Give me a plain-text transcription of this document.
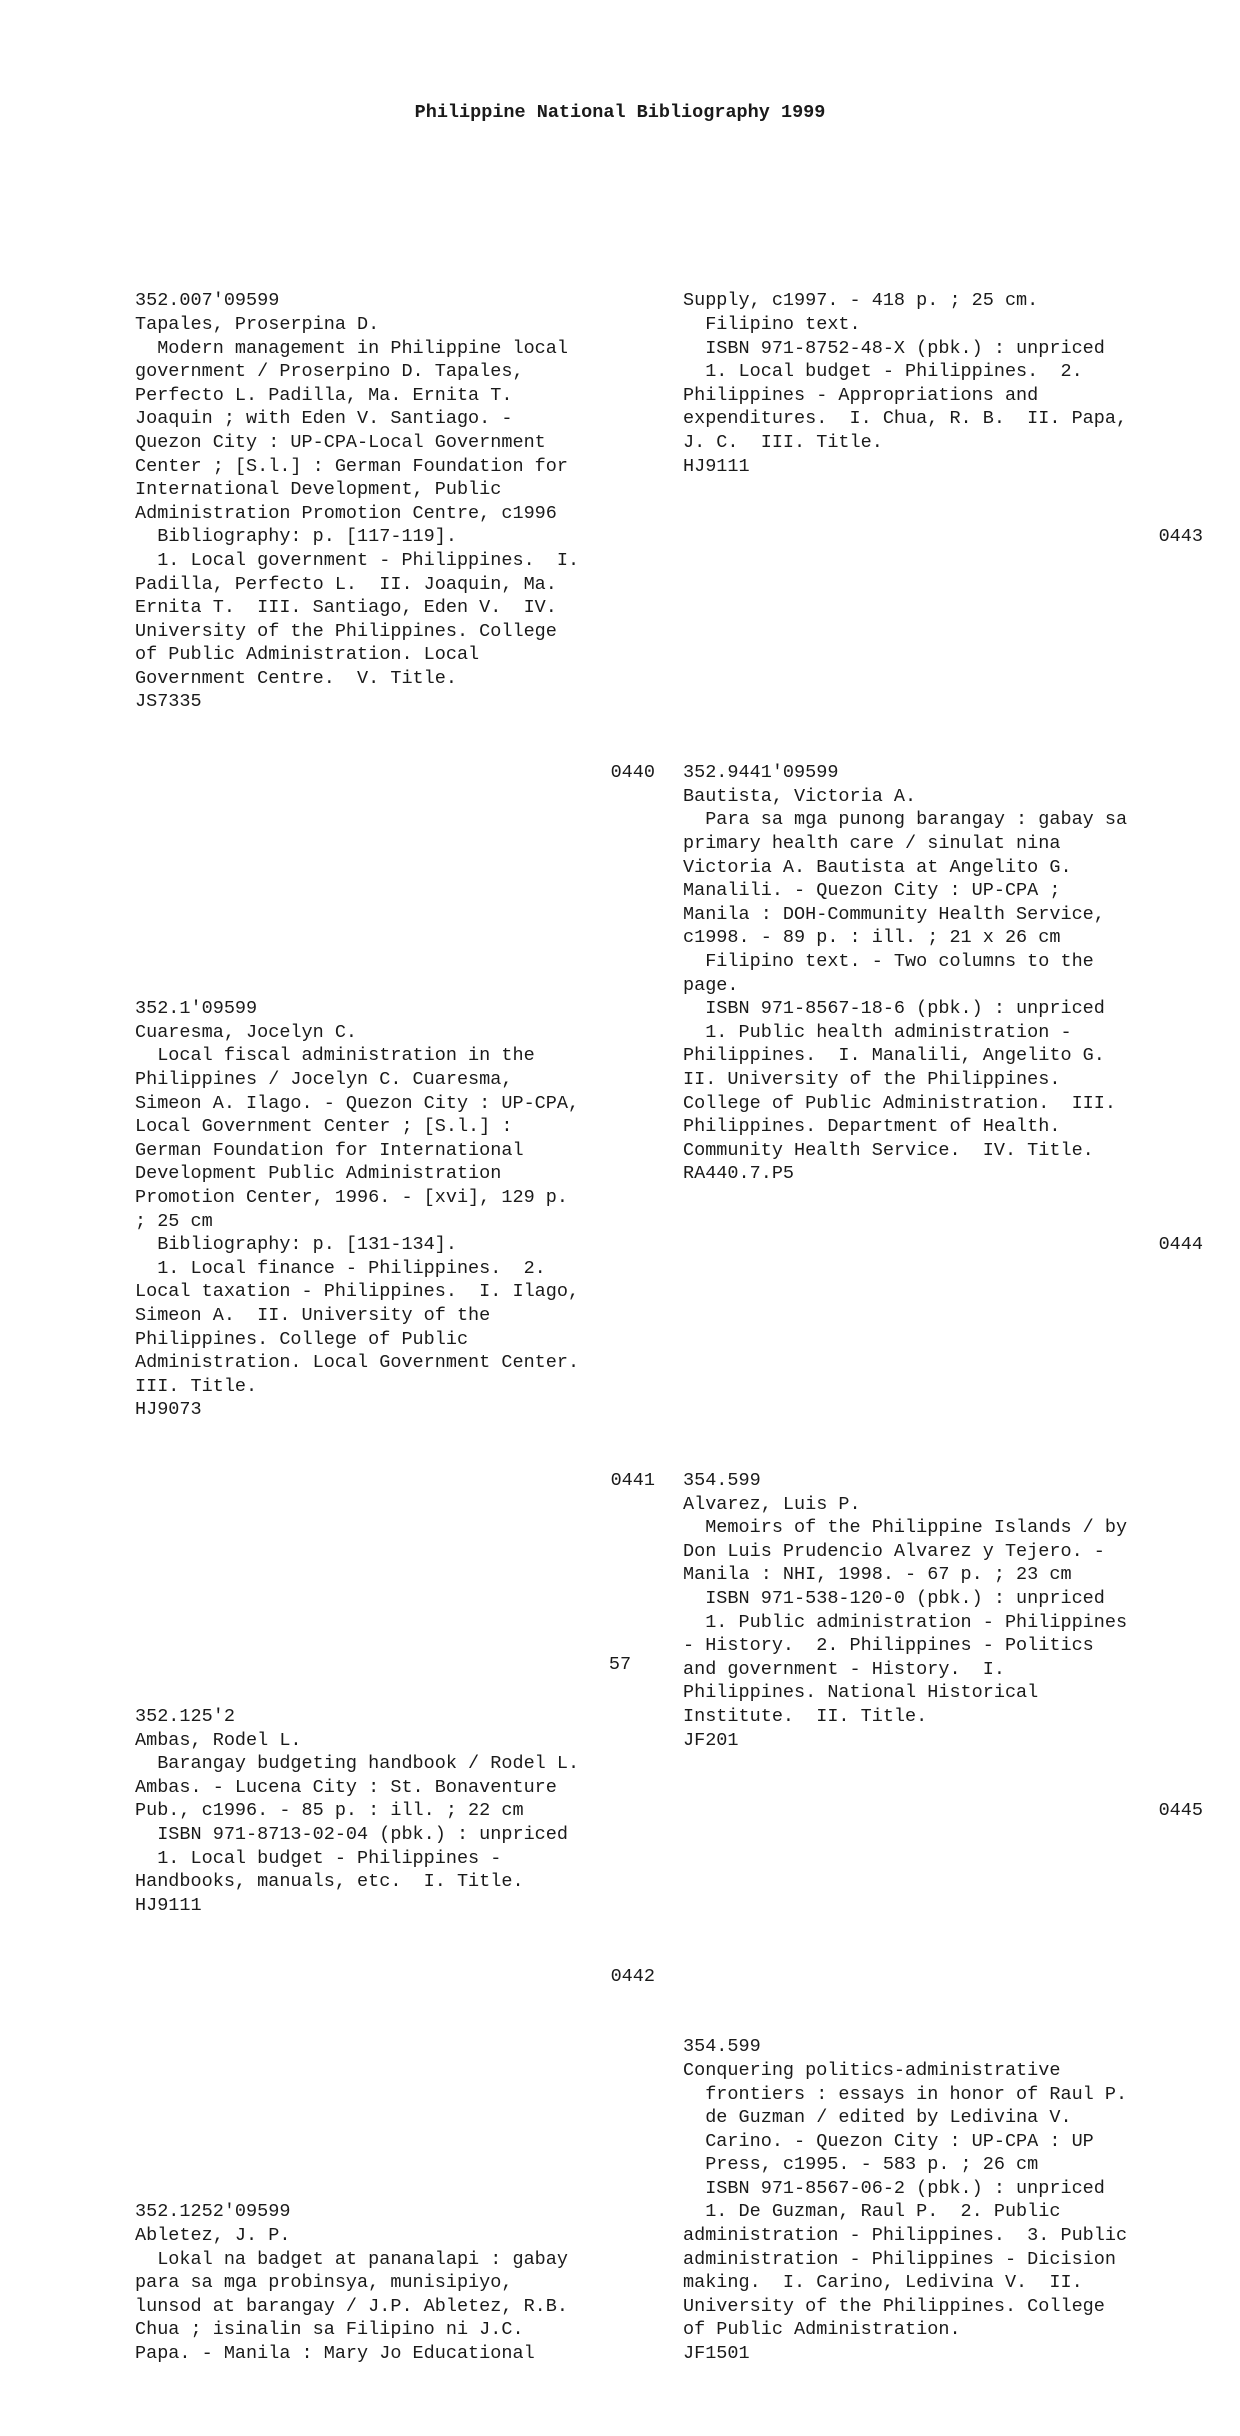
Philippine National Bibliography 1999

352.007'09599
Tapales, Proserpina D.
Modern management in Philippine local
government / Proserpino D. Tapales,
Perfecto L. Padilla, Ma. Ernita T.
Joaquin ; with Eden V. Santiago. -
Quezon City : UP-CPA-Local Government
Center ; [S.l.] : German Foundation for
International Development, Public
Administration Promotion Centre, c1996
Bibliography: p. [117-119].
1. Local government - Philippines.  I.
Padilla, Perfecto L.  II. Joaquin, Ma.
Ernita T.  III. Santiago, Eden V.  IV.
University of the Philippines. College
of Public Administration. Local
Government Centre.  V. Title.
JS7335

0440

352.1'09599
Cuaresma, Jocelyn C.
Local fiscal administration in the
Philippines / Jocelyn C. Cuaresma,
Simeon A. Ilago. - Quezon City : UP-CPA,
Local Government Center ; [S.l.] :
German Foundation for International
Development Public Administration
Promotion Center, 1996. - [xvi], 129 p.
; 25 cm
Bibliography: p. [131-134].
1. Local finance - Philippines.  2.
Local taxation - Philippines.  I. Ilago,
Simeon A.  II. University of the
Philippines. College of Public
Administration. Local Government Center.
III. Title.
HJ9073

0441

352.125'2
Ambas, Rodel L.
Barangay budgeting handbook / Rodel L.
Ambas. - Lucena City : St. Bonaventure
Pub., c1996. - 85 p. : ill. ; 22 cm
ISBN 971-8713-02-04 (pbk.) : unpriced
1. Local budget - Philippines -
Handbooks, manuals, etc.  I. Title.
HJ9111

0442

352.1252'09599
Abletez, J. P.
Lokal na badget at pananalapi : gabay
para sa mga probinsya, munisipiyo,
lunsod at barangay / J.P. Abletez, R.B.
Chua ; isinalin sa Filipino ni J.C.
Papa. - Manila : Mary Jo Educational

Supply, c1997. - 418 p. ; 25 cm.
Filipino text.
ISBN 971-8752-48-X (pbk.) : unpriced
1. Local budget - Philippines.  2.
Philippines - Appropriations and
expenditures.  I. Chua, R. B.  II. Papa,
J. C.  III. Title.
HJ9111

0443

352.9441'09599
Bautista, Victoria A.
Para sa mga punong barangay : gabay sa
primary health care / sinulat nina
Victoria A. Bautista at Angelito G.
Manalili. - Quezon City : UP-CPA ;
Manila : DOH-Community Health Service,
c1998. - 89 p. : ill. ; 21 x 26 cm
Filipino text. - Two columns to the
page.
ISBN 971-8567-18-6 (pbk.) : unpriced
1. Public health administration -
Philippines.  I. Manalili, Angelito G.
II. University of the Philippines.
College of Public Administration.  III.
Philippines. Department of Health.
Community Health Service.  IV. Title.
RA440.7.P5

0444

354.599
Alvarez, Luis P.
Memoirs of the Philippine Islands / by
Don Luis Prudencio Alvarez y Tejero. -
Manila : NHI, 1998. - 67 p. ; 23 cm
ISBN 971-538-120-0 (pbk.) : unpriced
1. Public administration - Philippines
- History.  2. Philippines - Politics
and government - History.  I.
Philippines. National Historical
Institute.  II. Title.
JF201

0445

354.599
Conquering politics-administrative
frontiers : essays in honor of Raul P.
de Guzman / edited by Ledivina V.
Carino. - Quezon City : UP-CPA : UP
Press, c1995. - 583 p. ; 26 cm
ISBN 971-8567-06-2 (pbk.) : unpriced
1. De Guzman, Raul P.  2. Public
administration - Philippines.  3. Public
administration - Philippines - Dicision
making.  I. Carino, Ledivina V.  II.
University of the Philippines. College
of Public Administration.
JF1501

57
